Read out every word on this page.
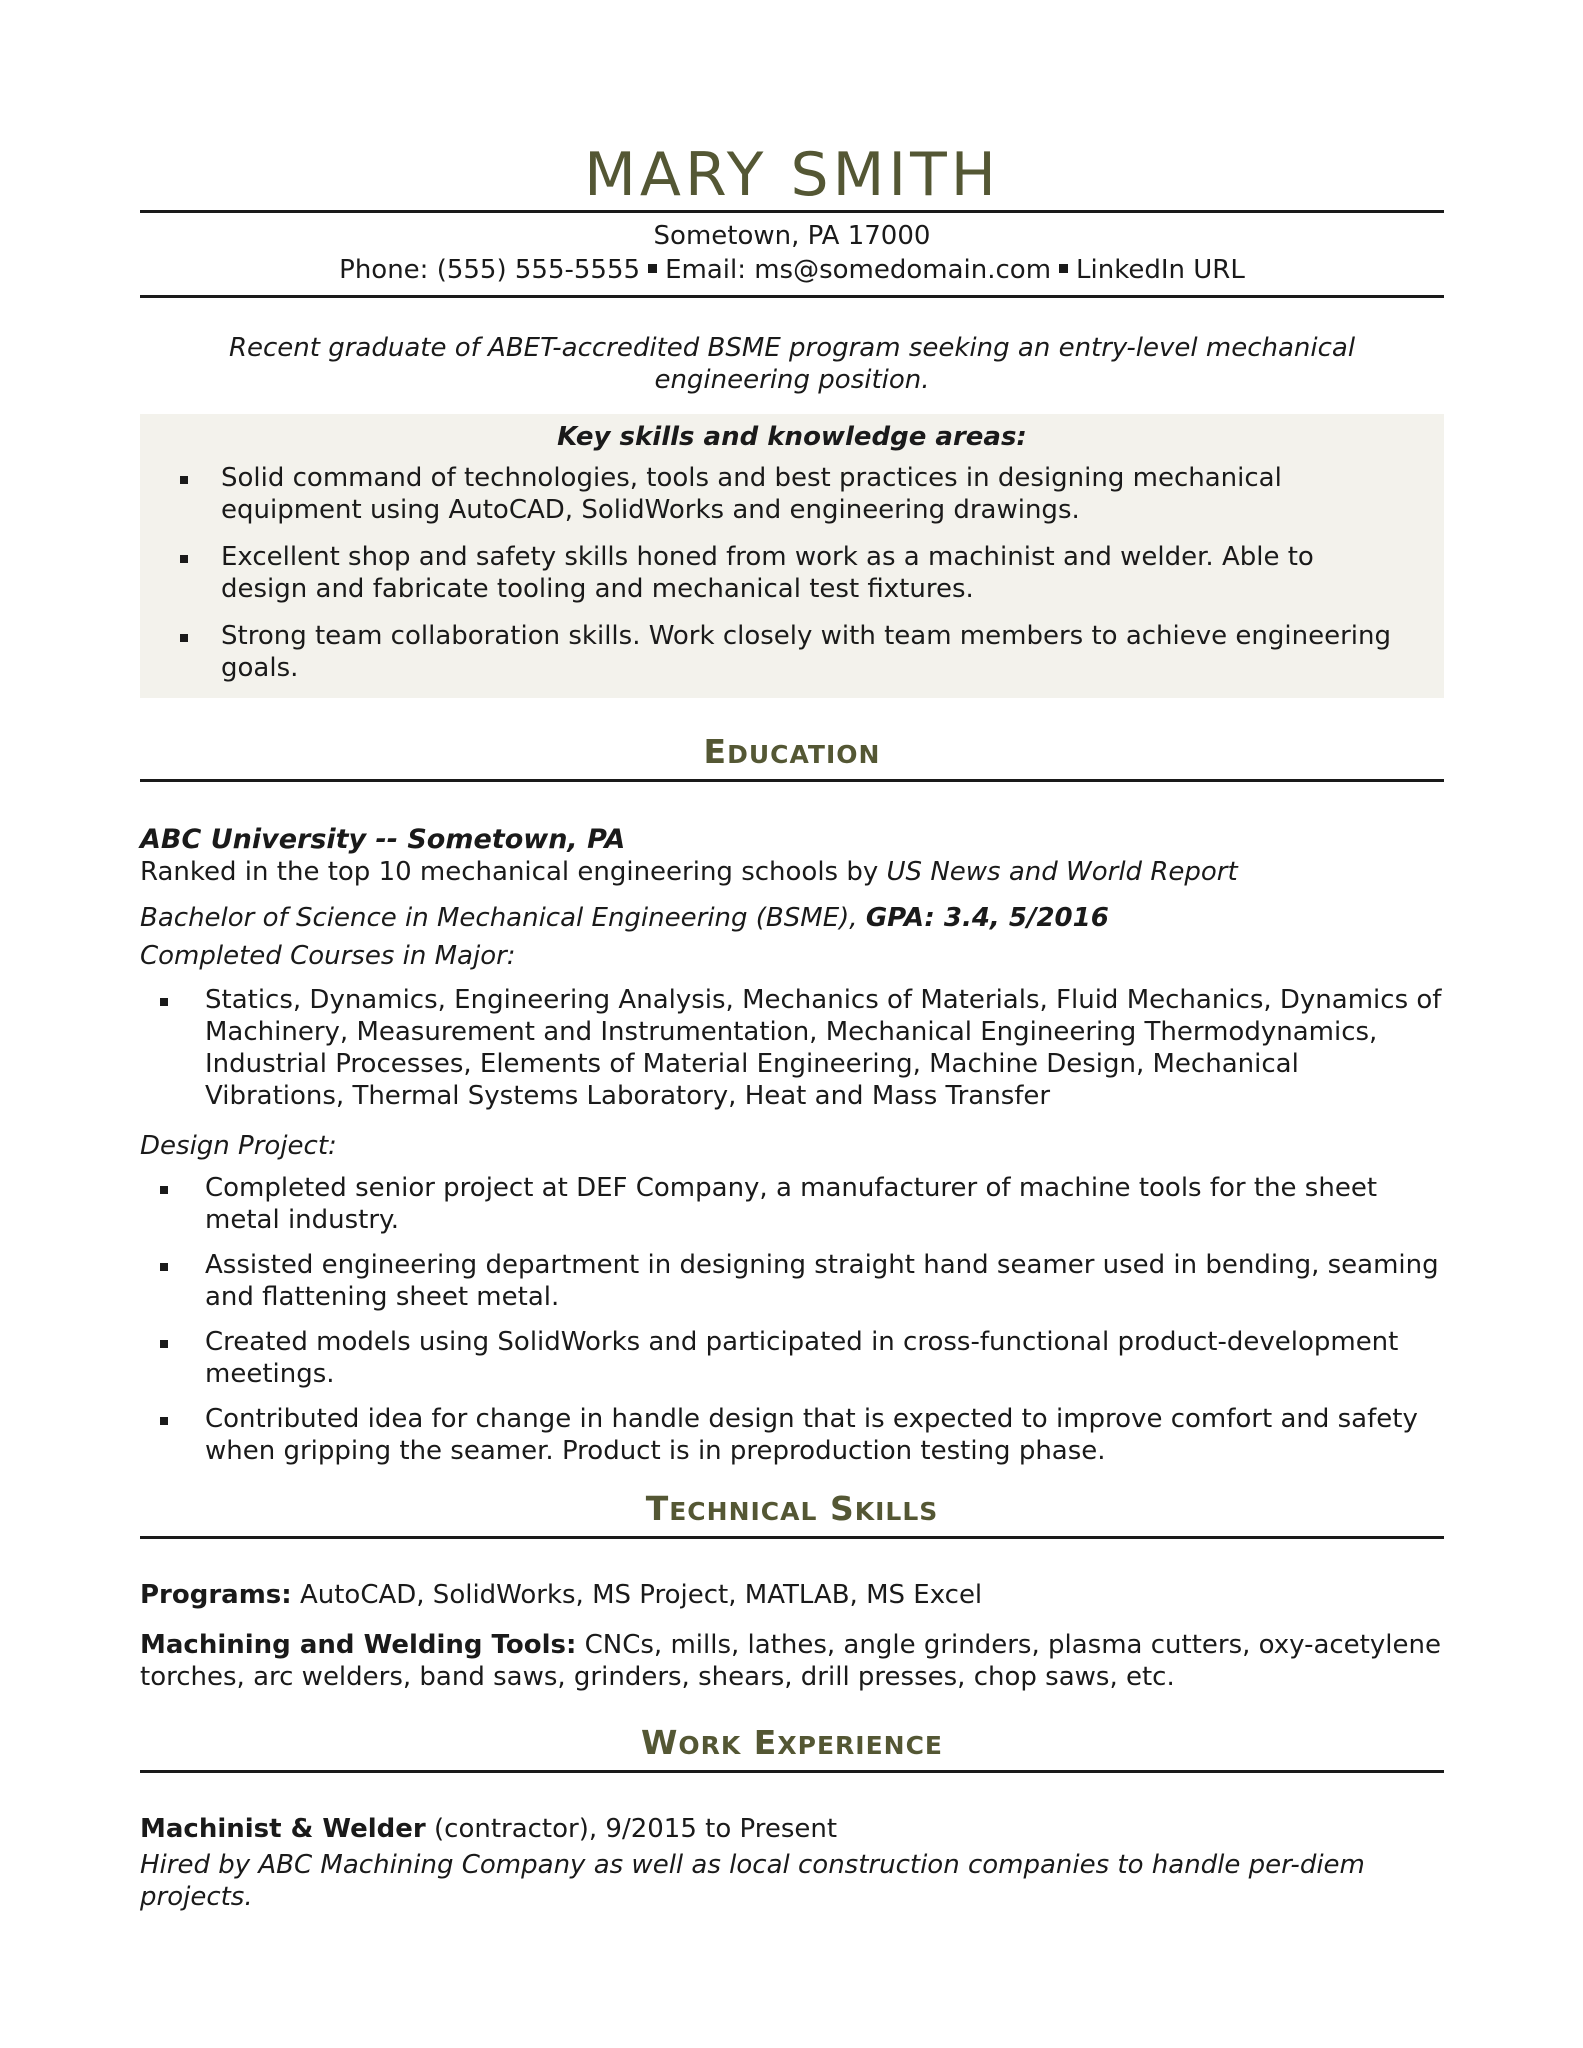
MARY SMITH
Sometown, PA 17000
Phone: (555) 555-5555 Email: ms@somedomain.com LinkedIn URL
Recent graduate of ABET-accredited BSME program seeking an entry-level mechanical engineering position.
Key skills and knowledge areas:
Solid command of technologies, tools and best practices in designing mechanical equipment using AutoCAD, SolidWorks and engineering drawings.
Excellent shop and safety skills honed from work as a machinist and welder. Able to design and fabricate tooling and mechanical test fixtures.
Strong team collaboration skills. Work closely with team members to achieve engineering goals.
EDUCATION
ABC University -- Sometown, PA
Ranked in the top 10 mechanical engineering schools by US News and World Report
Bachelor of Science in Mechanical Engineering (BSME), GPA: 3.4, 5/2016
Completed Courses in Major:
Statics, Dynamics, Engineering Analysis, Mechanics of Materials, Fluid Mechanics, Dynamics of Machinery, Measurement and Instrumentation, Mechanical Engineering Thermodynamics, Industrial Processes, Elements of Material Engineering, Machine Design, Mechanical Vibrations, Thermal Systems Laboratory, Heat and Mass Transfer
Design Project:
Completed senior project at DEF Company, a manufacturer of machine tools for the sheet metal industry.
Assisted engineering department in designing straight hand seamer used in bending, seaming and flattening sheet metal.
Created models using SolidWorks and participated in cross-functional product-development meetings.
Contributed idea for change in handle design that is expected to improve comfort and safety when gripping the seamer. Product is in preproduction testing phase.
TECHNICAL SKILLS
Programs: AutoCAD, SolidWorks, MS Project, MATLAB, MS Excel
Machining and Welding Tools: CNCs, mills, lathes, angle grinders, plasma cutters, oxy-acetylene torches, arc welders, band saws, grinders, shears, drill presses, chop saws, etc.
WORK EXPERIENCE
Machinist & Welder (contractor), 9/2015 to Present
Hired by ABC Machining Company as well as local construction companies to handle per-diem projects.
